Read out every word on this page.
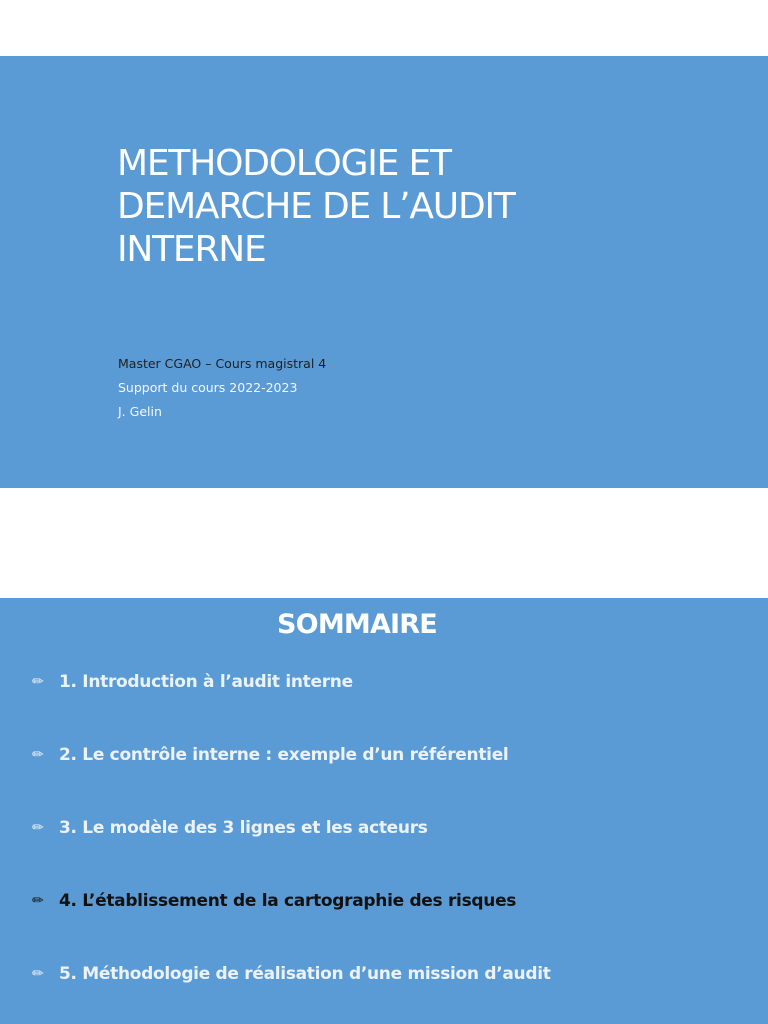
METHODOLOGIE ET
DEMARCHE DE L’AUDIT
INTERNE
Master CGAO – Cours magistral 4
Support du cours 2022-2023
J. Gelin
SOMMAIRE
✏ 1. Introduction à l’audit interne
✏ 2. Le contrôle interne : exemple d’un référentiel
✏ 3. Le modèle des 3 lignes et les acteurs
✏ 4. L’établissement de la cartographie des risques
✏ 5. Méthodologie de réalisation d’une mission d’audit
